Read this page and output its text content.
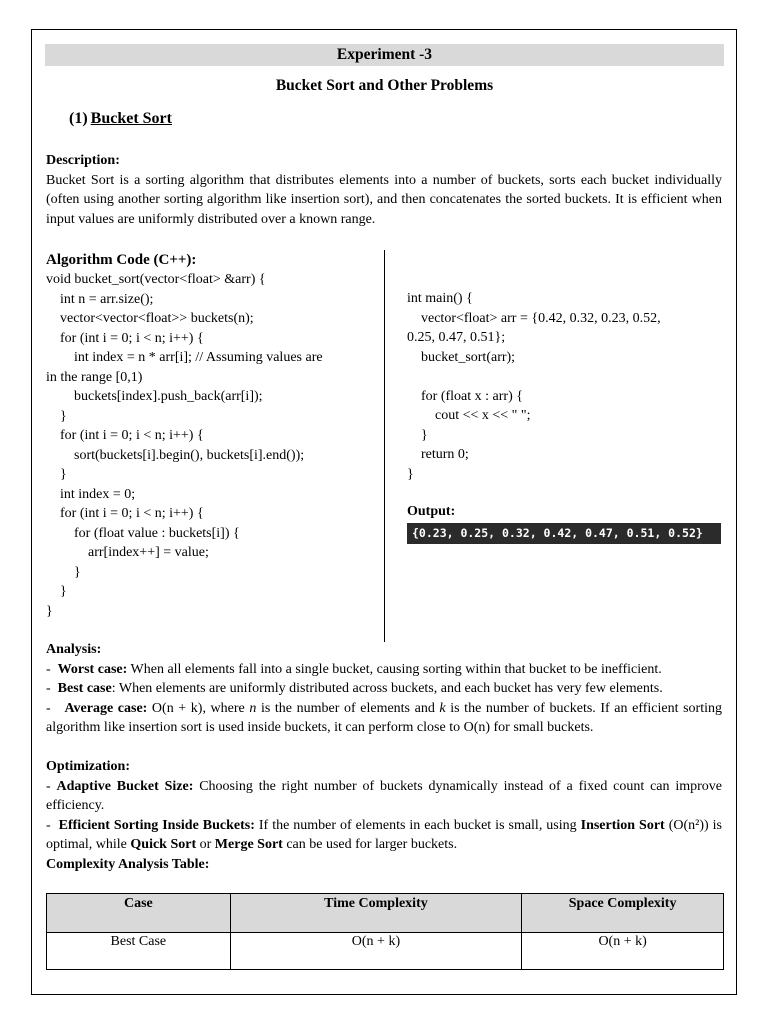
Experiment -3
Bucket Sort and Other Problems
(1) Bucket Sort
Description:
Bucket Sort is a sorting algorithm that distributes elements into a number of buckets, sorts each bucket individually (often using another sorting algorithm like insertion sort), and then concatenates the sorted buckets. It is efficient when input values are uniformly distributed over a known range.
Algorithm Code (C++):
void bucket_sort(vector<float> &arr) {
int n = arr.size();
vector<vector<float>> buckets(n);
for (int i = 0; i < n; i++) {
int index = n * arr[i]; // Assuming values are
in the range [0,1)
buckets[index].push_back(arr[i]);
}
for (int i = 0; i < n; i++) {
sort(buckets[i].begin(), buckets[i].end());
}
int index = 0;
for (int i = 0; i < n; i++) {
for (float value : buckets[i]) {
arr[index++] = value;
}
}
}
int main() {
vector<float> arr = {0.42, 0.32, 0.23, 0.52,
0.25, 0.47, 0.51};
bucket_sort(arr);

for (float x : arr) {
cout << x << " ";
}
return 0;
}
Output:
{0.23, 0.25, 0.32, 0.42, 0.47, 0.51, 0.52}
Analysis:
-  Worst case: When all elements fall into a single bucket, causing sorting within that bucket to be inefficient.
-  Best case: When elements are uniformly distributed across buckets, and each bucket has very few elements.
-   Average case: O(n + k), where n is the number of elements and k is the number of buckets. If an efficient sorting algorithm like insertion sort is used inside buckets, it can perform close to O(n) for small buckets.
Optimization:
- Adaptive Bucket Size: Choosing the right number of buckets dynamically instead of a fixed count can improve efficiency.
-  Efficient Sorting Inside Buckets: If the number of elements in each bucket is small, using Insertion Sort (O(n²)) is optimal, while Quick Sort or Merge Sort can be used for larger buckets.
Complexity Analysis Table:
Case	Time Complexity	Space Complexity
Best Case	O(n + k)	O(n + k)
